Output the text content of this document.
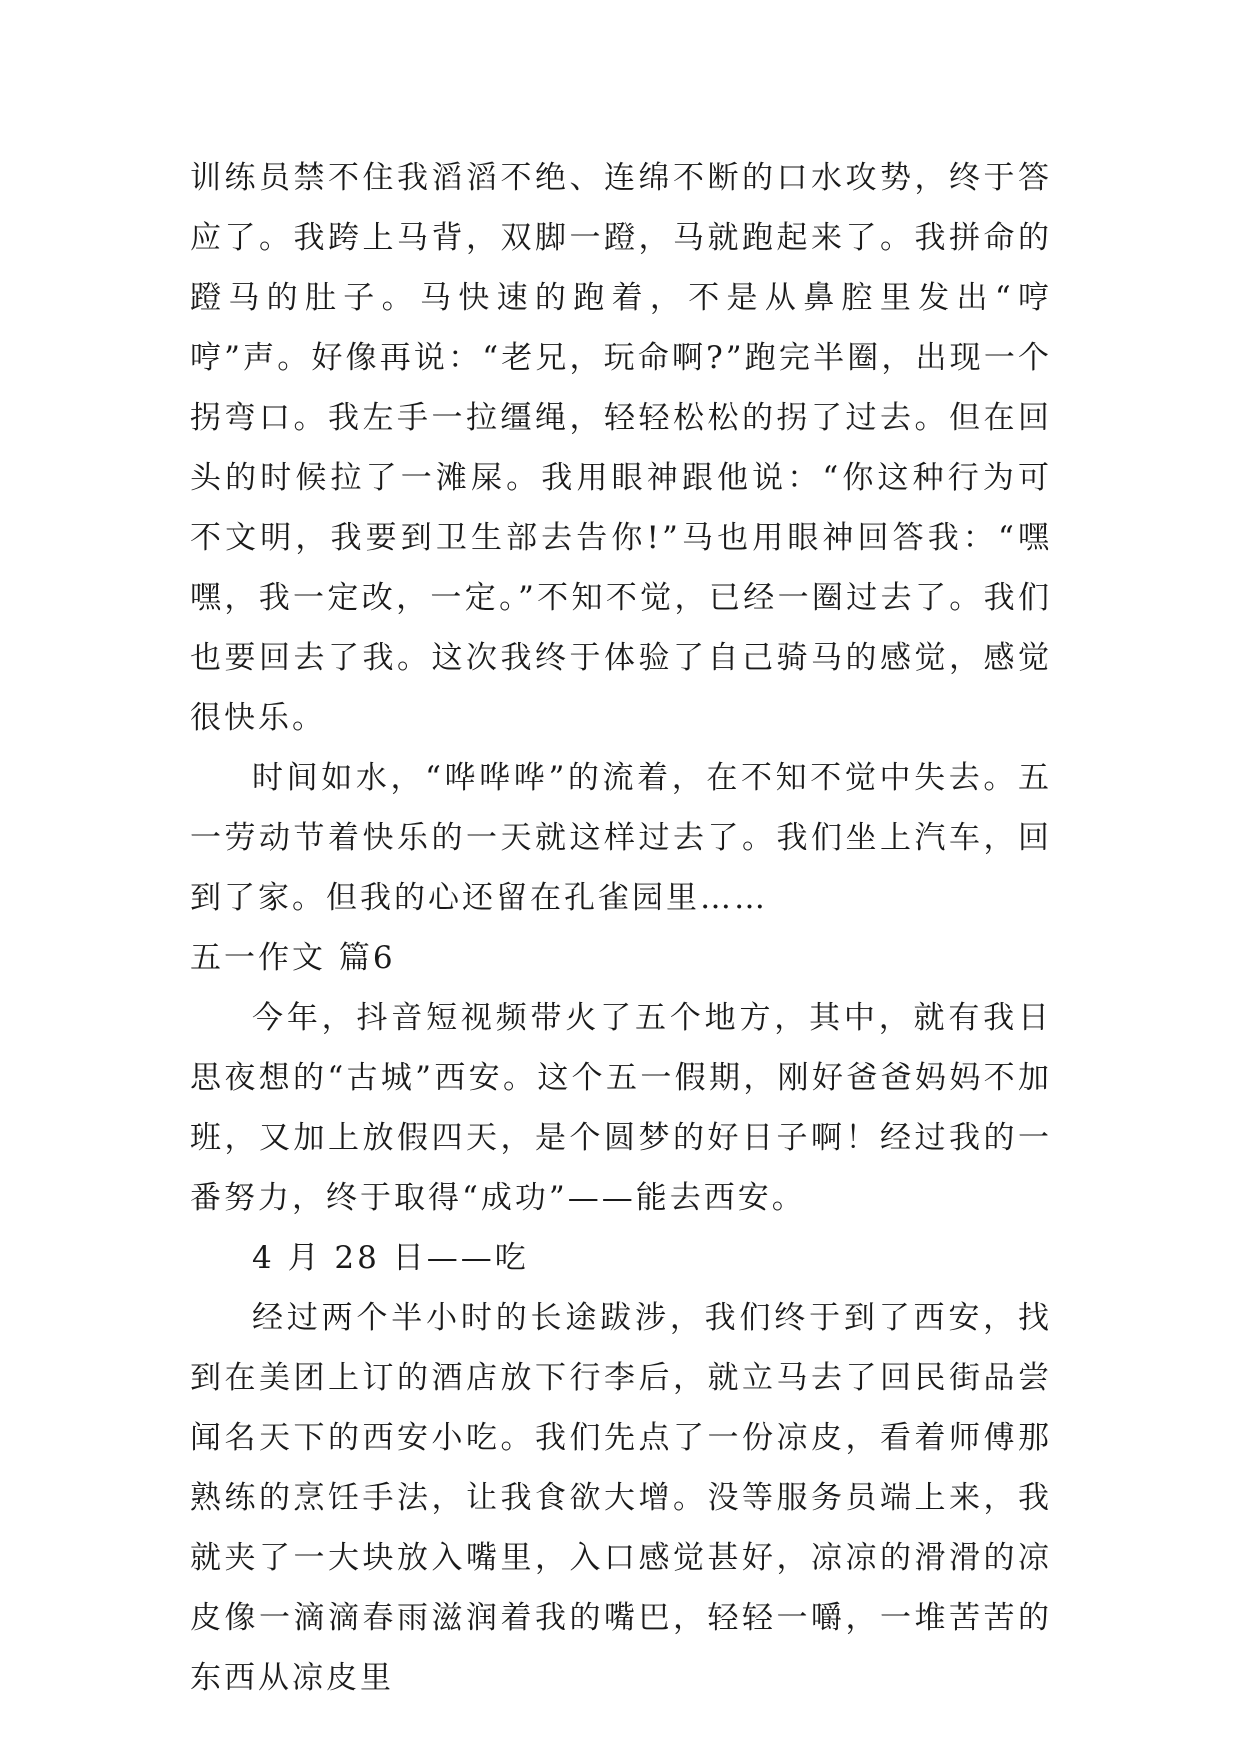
训练员禁不住我滔滔不绝、连绵不断的口水攻势，终于答应了。我跨上马背，双脚一蹬，马就跑起来了。我拼命的蹬马的肚子。马快速的跑着，不是从鼻腔里发出“哼哼”声。好像再说：“老兄，玩命啊?”跑完半圈，出现一个拐弯口。我左手一拉缰绳，轻轻松松的拐了过去。但在回头的时候拉了一滩屎。我用眼神跟他说：“你这种行为可不文明，我要到卫生部去告你!”马也用眼神回答我：“嘿嘿，我一定改，一定。”不知不觉，已经一圈过去了。我们也要回去了我。这次我终于体验了自己骑马的感觉，感觉很快乐。

时间如水，“哗哗哗”的流着，在不知不觉中失去。五一劳动节着快乐的一天就这样过去了。我们坐上汽车，回到了家。但我的心还留在孔雀园里……

五一作文 篇6

今年，抖音短视频带火了五个地方，其中，就有我日思夜想的“古城”西安。这个五一假期，刚好爸爸妈妈不加班，又加上放假四天，是个圆梦的好日子啊！经过我的一番努力，终于取得“成功”——能去西安。

4 月 28 日——吃

经过两个半小时的长途跋涉，我们终于到了西安，找到在美团上订的酒店放下行李后，就立马去了回民街品尝闻名天下的西安小吃。我们先点了一份凉皮，看着师傅那熟练的烹饪手法，让我食欲大增。没等服务员端上来，我就夹了一大块放入嘴里，入口感觉甚好，凉凉的滑滑的凉皮像一滴滴春雨滋润着我的嘴巴，轻轻一嚼，一堆苦苦的东西从凉皮里
